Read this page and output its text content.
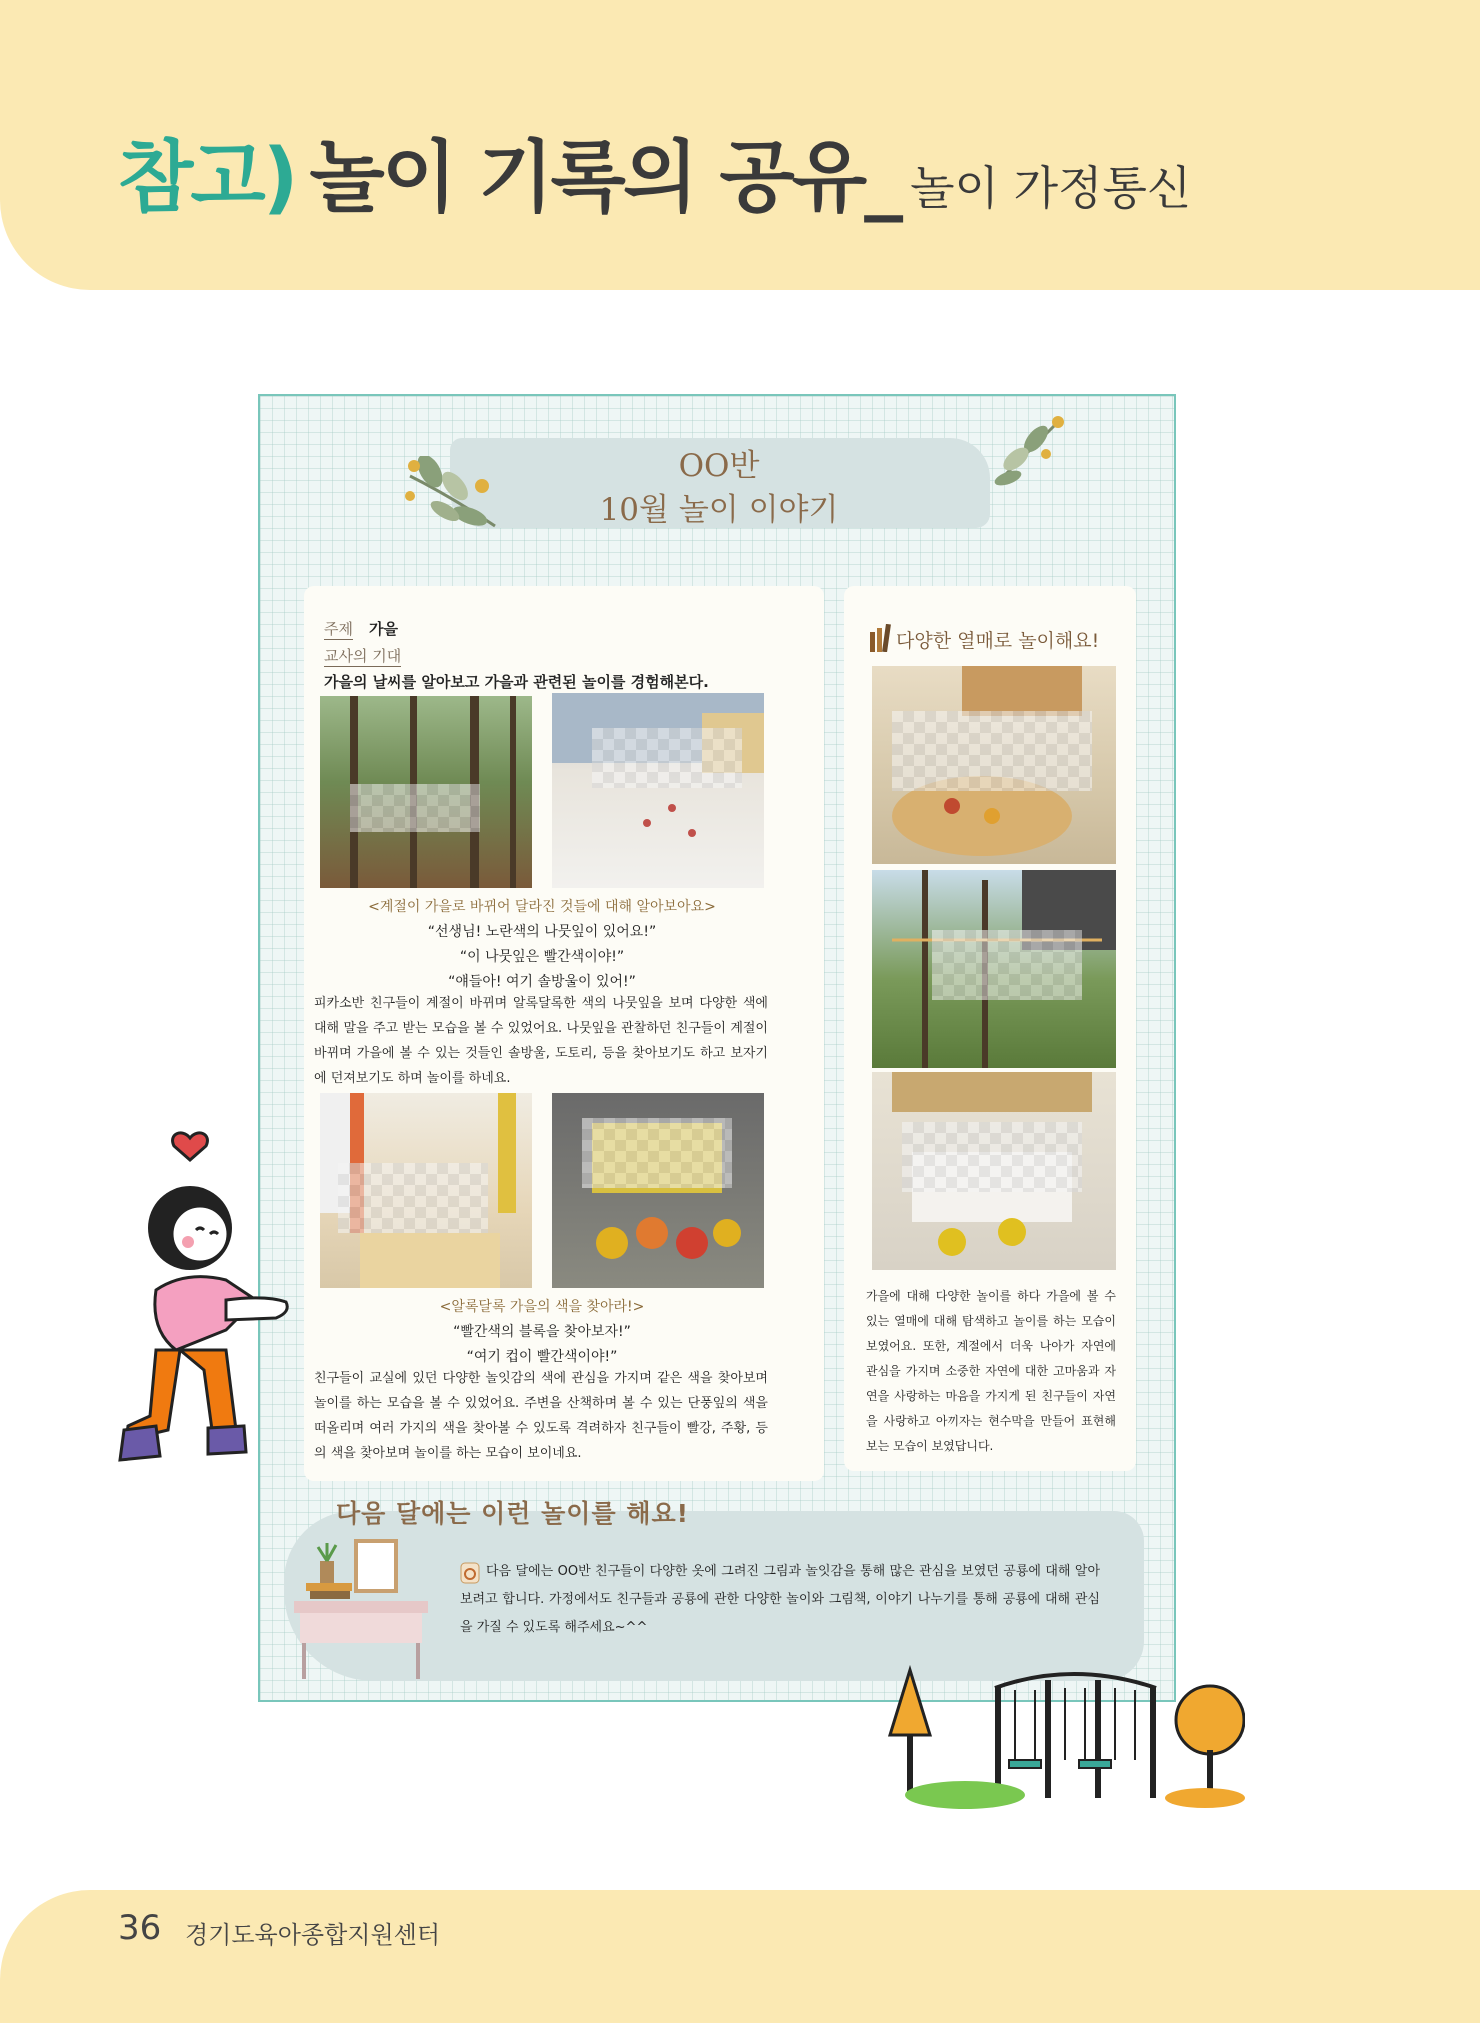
참고) 놀이 기록의 공유_ 놀이 가정통신
OO반
10월 놀이 이야기
주제 가을
교사의 기대
가을의 날씨를 알아보고 가을과 관련된 놀이를 경험해본다.
<계절이 가을로 바뀌어 달라진 것들에 대해 알아보아요>
“선생님! 노란색의 나뭇잎이 있어요!”
“이 나뭇잎은 빨간색이야!”
“얘들아! 여기 솔방울이 있어!”
피카소반 친구들이 계절이 바뀌며 알록달록한 색의 나뭇잎을 보며 다양한 색에 대해 말을 주고 받는 모습을 볼 수 있었어요. 나뭇잎을 관찰하던 친구들이 계절이 바뀌며 가을에 볼 수 있는 것들인 솔방울, 도토리, 등을 찾아보기도 하고 보자기에 던져보기도 하며 놀이를 하네요.
<알록달록 가을의 색을 찾아라!>
“빨간색의 블록을 찾아보자!”
“여기 컵이 빨간색이야!”
친구들이 교실에 있던 다양한 놀잇감의 색에 관심을 가지며 같은 색을 찾아보며 놀이를 하는 모습을 볼 수 있었어요. 주변을 산책하며 볼 수 있는 단풍잎의 색을 떠올리며 여러 가지의 색을 찾아볼 수 있도록 격려하자 친구들이 빨강, 주황, 등의 색을 찾아보며 놀이를 하는 모습이 보이네요.
다양한 열매로 놀이해요!
가을에 대해 다양한 놀이를 하다 가을에 볼 수 있는 열매에 대해 탐색하고 놀이를 하는 모습이 보였어요. 또한, 계절에서 더욱 나아가 자연에 관심을 가지며 소중한 자연에 대한 고마움과 자연을 사랑하는 마음을 가지게 된 친구들이 자연을 사랑하고 아끼자는 현수막을 만들어 표현해보는 모습이 보였답니다.
다음 달에는 이런 놀이를 해요!
다음 달에는 OO반 친구들이 다양한 옷에 그려진 그림과 놀잇감을 통해 많은 관심을 보였던 공룡에 대해 알아보려고 합니다. 가정에서도 친구들과 공룡에 관한 다양한 놀이와 그림책, 이야기 나누기를 통해 공룡에 대해 관심을 가질 수 있도록 해주세요~^^
36 경기도육아종합지원센터
